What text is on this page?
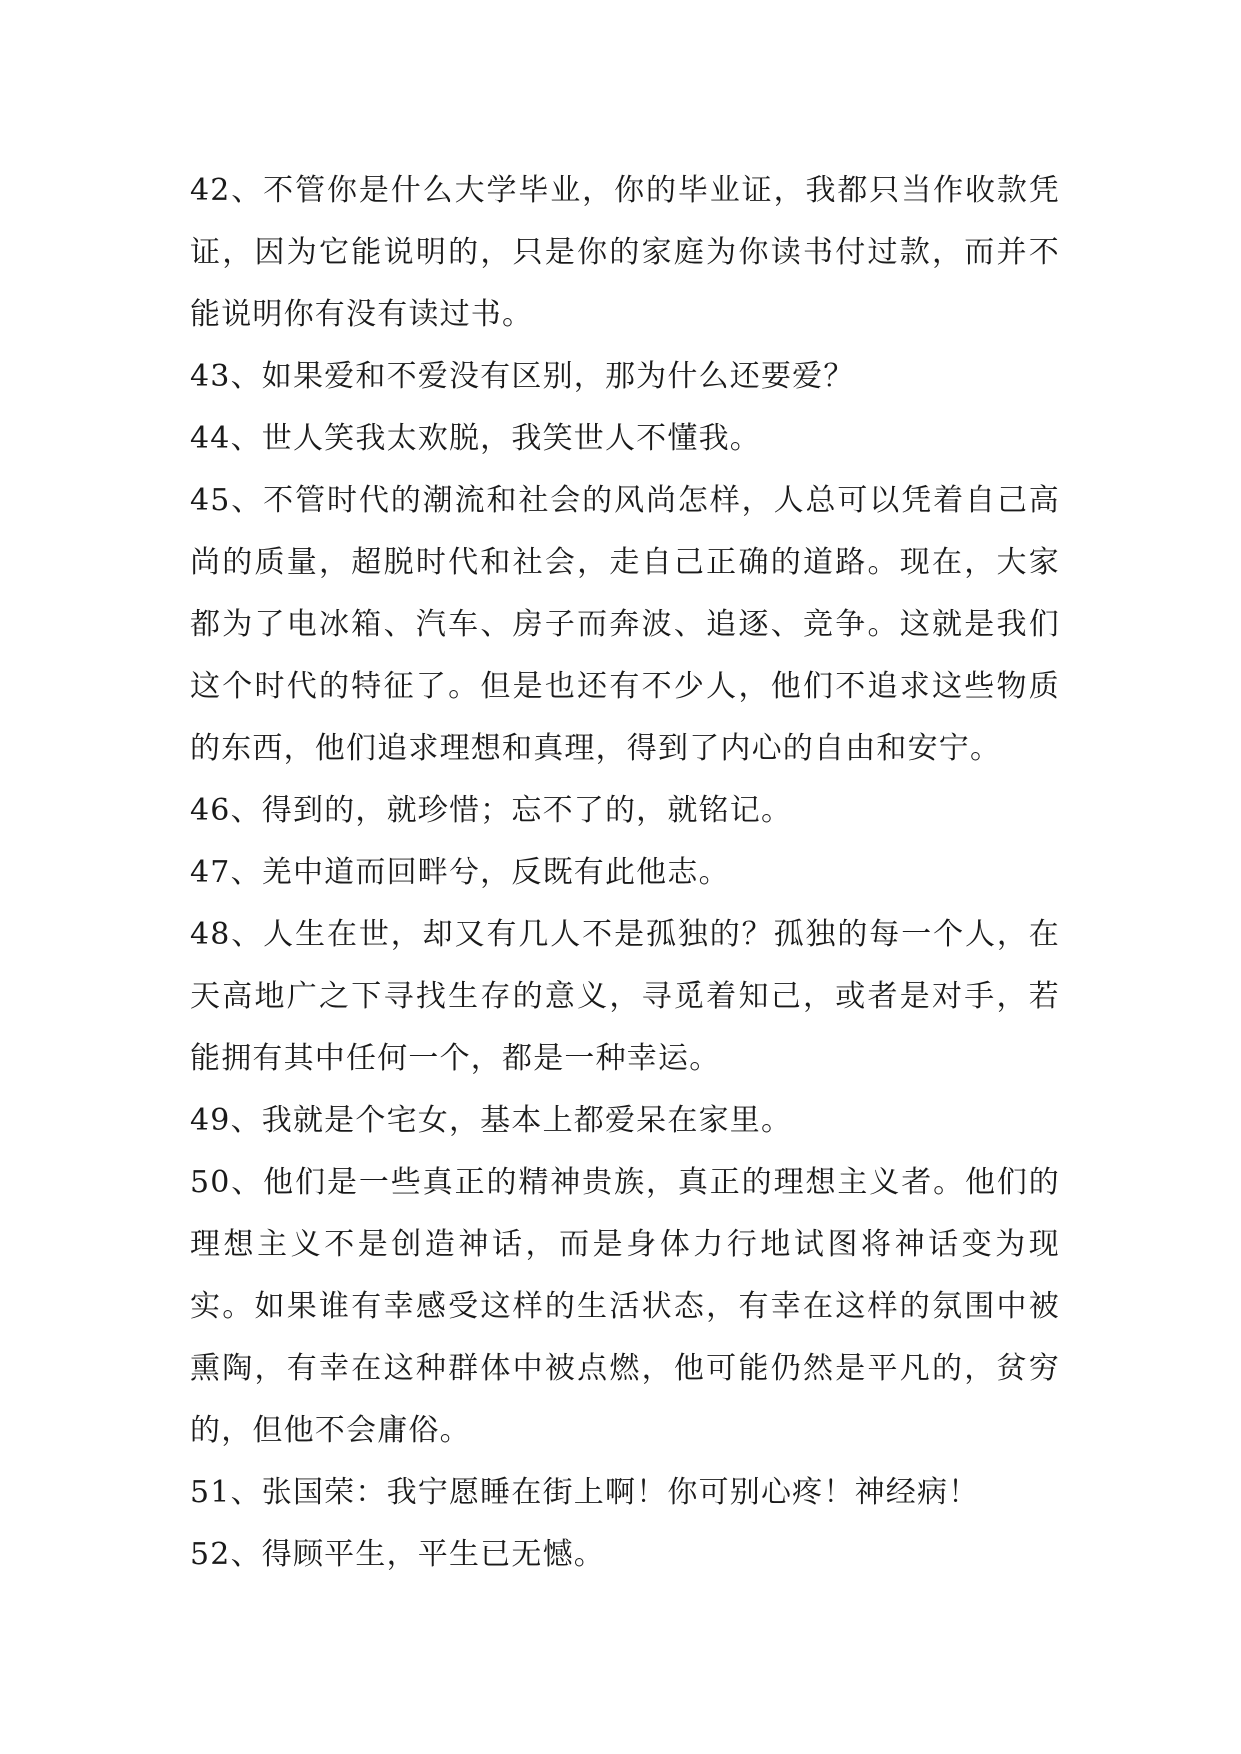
42、不管你是什么大学毕业，你的毕业证，我都只当作收款凭证，因为它能说明的，只是你的家庭为你读书付过款，而并不能说明你有没有读过书。

43、如果爱和不爱没有区别，那为什么还要爱？

44、世人笑我太欢脱，我笑世人不懂我。

45、不管时代的潮流和社会的风尚怎样，人总可以凭着自己高尚的质量，超脱时代和社会，走自己正确的道路。现在，大家都为了电冰箱、汽车、房子而奔波、追逐、竞争。这就是我们这个时代的特征了。但是也还有不少人，他们不追求这些物质的东西，他们追求理想和真理，得到了内心的自由和安宁。

46、得到的，就珍惜；忘不了的，就铭记。

47、羌中道而回畔兮，反既有此他志。

48、人生在世，却又有几人不是孤独的？孤独的每一个人，在天高地广之下寻找生存的意义，寻觅着知己，或者是对手，若能拥有其中任何一个，都是一种幸运。

49、我就是个宅女，基本上都爱呆在家里。

50、他们是一些真正的精神贵族，真正的理想主义者。他们的理想主义不是创造神话，而是身体力行地试图将神话变为现实。如果谁有幸感受这样的生活状态，有幸在这样的氛围中被熏陶，有幸在这种群体中被点燃，他可能仍然是平凡的，贫穷的，但他不会庸俗。

51、张国荣：我宁愿睡在街上啊！你可别心疼！神经病！

52、得顾平生，平生已无憾。
